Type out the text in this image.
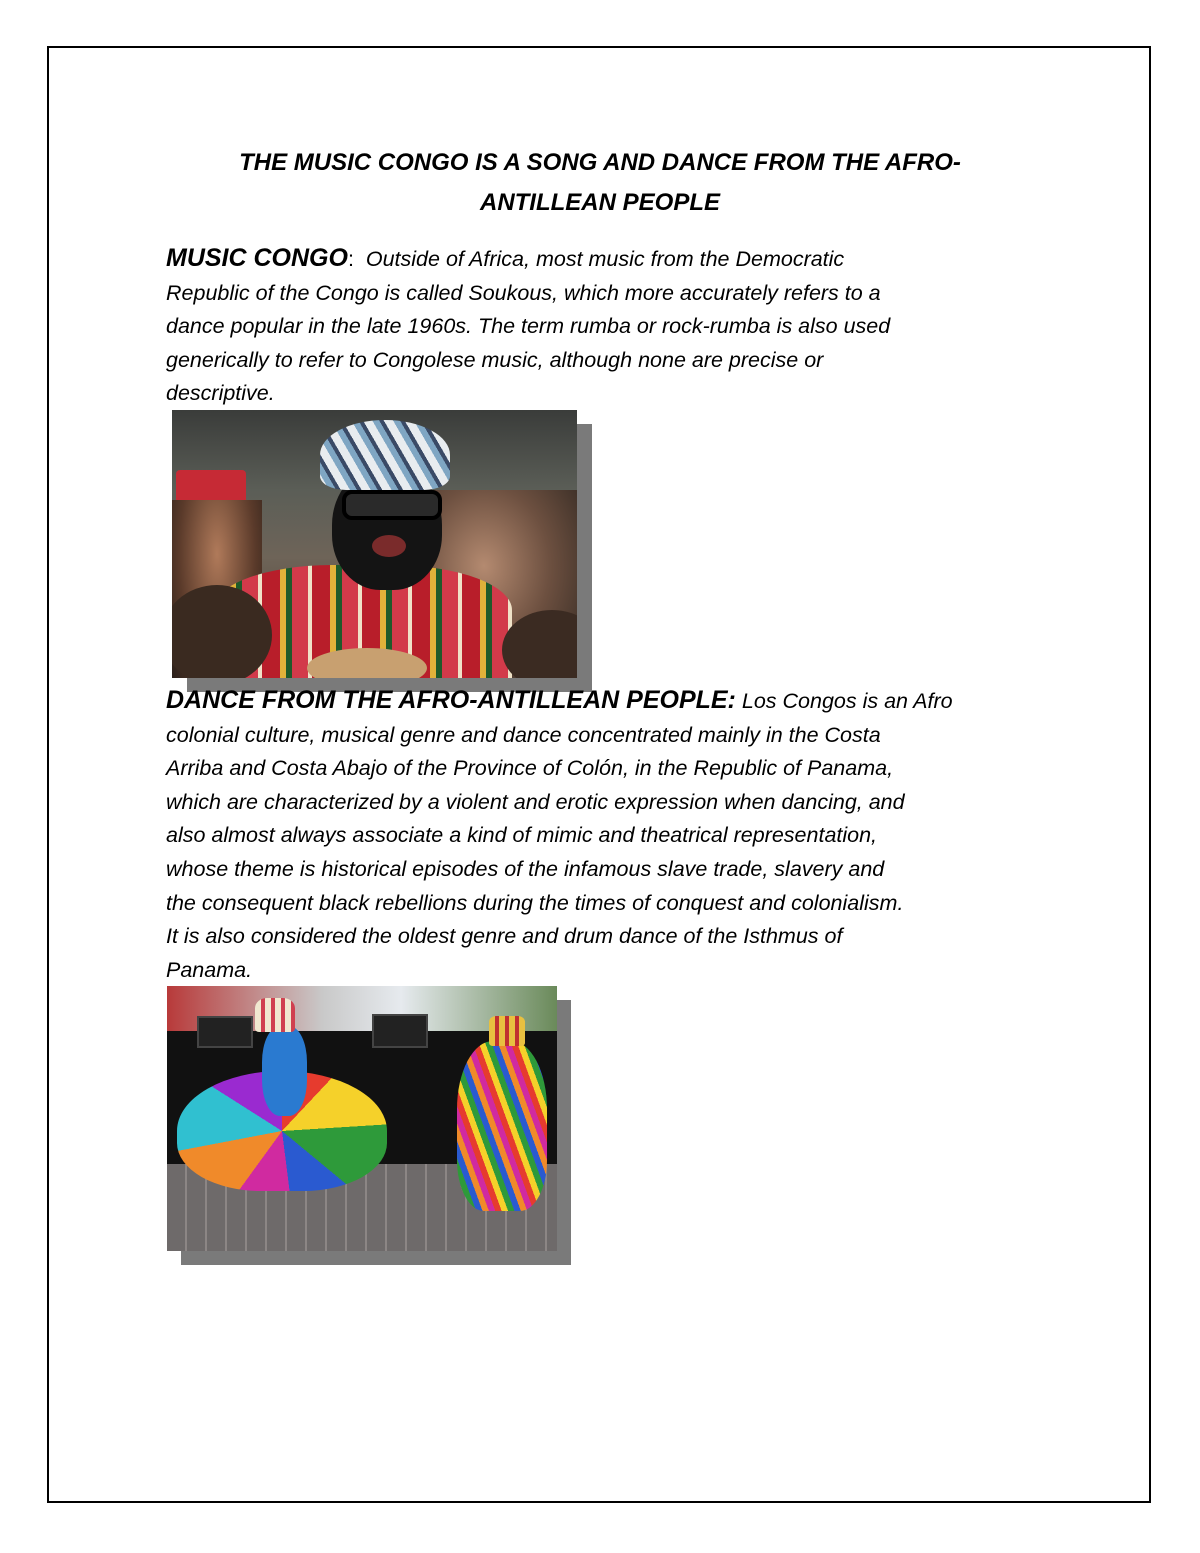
THE MUSIC CONGO IS A SONG AND DANCE FROM THE AFRO-
ANTILLEAN PEOPLE

MUSIC CONGO:  Outside of Africa, most music from the Democratic
Republic of the Congo is called Soukous, which more accurately refers to a
dance popular in the late 1960s. The term rumba or rock-rumba is also used
generically to refer to Congolese music, although none are precise or
descriptive.

DANCE FROM THE AFRO-ANTILLEAN PEOPLE: Los Congos is an Afro
colonial culture, musical genre and dance concentrated mainly in the Costa
Arriba and Costa Abajo of the Province of Colón, in the Republic of Panama,
which are characterized by a violent and erotic expression when dancing, and
also almost always associate a kind of mimic and theatrical representation,
whose theme is historical episodes of the infamous slave trade, slavery and
the consequent black rebellions during the times of conquest and colonialism.
It is also considered the oldest genre and drum dance of the Isthmus of
Panama.
